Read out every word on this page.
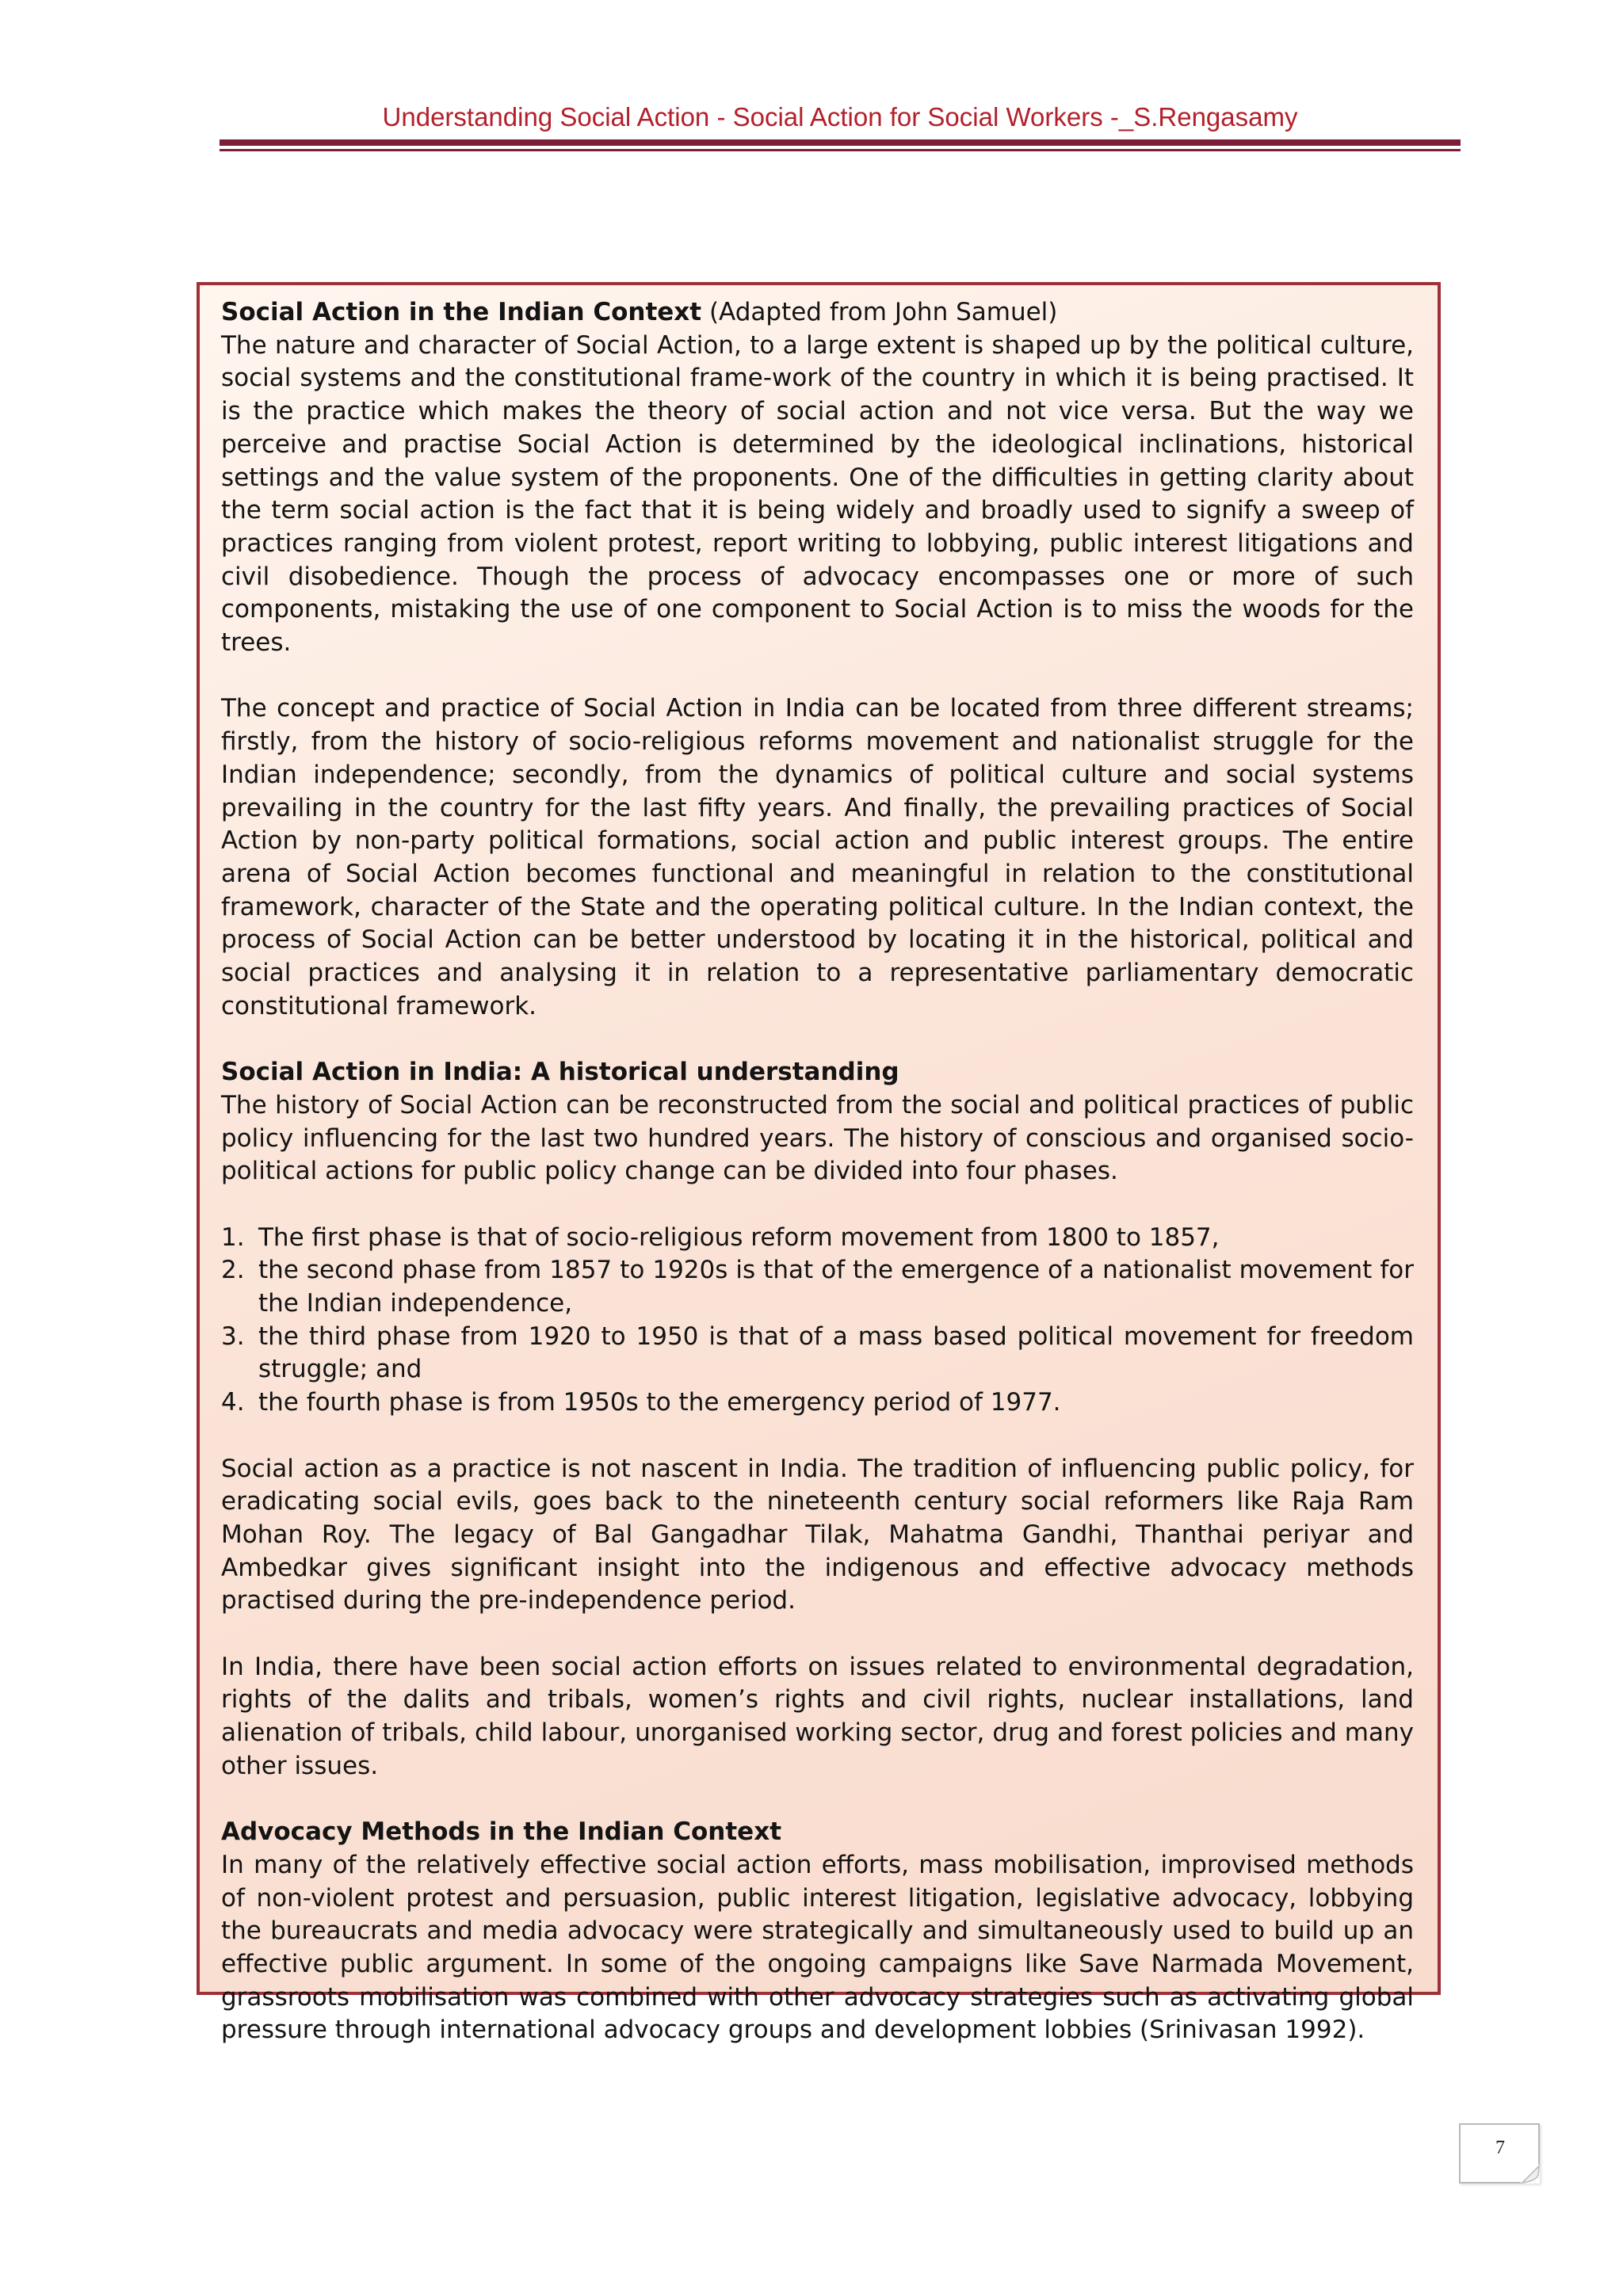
Understanding Social Action - Social Action for Social Workers -_S.Rengasamy

Social Action in the Indian Context (Adapted from John Samuel)

The nature and character of Social Action, to a large extent is shaped up by the political culture, social systems and the constitutional frame-work of the country in which it is being practised. It is the practice which makes the theory of social action and not vice versa. But the way we perceive and practise Social Action is determined by the ideological inclinations, historical settings and the value system of the proponents. One of the difficulties in getting clarity about the term social action is the fact that it is being widely and broadly used to signify a sweep of practices ranging from violent protest, report writing to lobbying, public interest litigations and civil disobedience. Though the process of advocacy encompasses one or more of such components, mistaking the use of one component to Social Action is to miss the woods for the trees.

The concept and practice of Social Action in India can be located from three different streams; firstly, from the history of socio-religious reforms movement and nationalist struggle for the Indian independence; secondly, from the dynamics of political culture and social systems prevailing in the country for the last fifty years. And finally, the prevailing practices of Social Action by non-party political formations, social action and public interest groups. The entire arena of Social Action becomes functional and meaningful in relation to the constitutional framework, character of the State and the operating political culture. In the Indian context, the process of Social Action can be better understood by locating it in the historical, political and social practices and analysing it in relation to a representative parliamentary democratic constitutional framework.

Social Action in India: A historical understanding

The history of Social Action can be reconstructed from the social and political practices of public policy influencing for the last two hundred years. The history of conscious and organised socio-political actions for public policy change can be divided into four phases.

1. The first phase is that of socio-religious reform movement from 1800 to 1857,
2. the second phase from 1857 to 1920s is that of the emergence of a nationalist movement for the Indian independence,
3. the third phase from 1920 to 1950 is that of a mass based political movement for freedom struggle; and
4. the fourth phase is from 1950s to the emergency period of 1977.

Social action as a practice is not nascent in India. The tradition of influencing public policy, for eradicating social evils, goes back to the nineteenth century social reformers like Raja Ram Mohan Roy. The legacy of Bal Gangadhar Tilak, Mahatma Gandhi, Thanthai periyar and Ambedkar gives significant insight into the indigenous and effective advocacy methods practised during the pre-independence period.

In India, there have been social action efforts on issues related to environmental degradation, rights of the dalits and tribals, women’s rights and civil rights, nuclear installations, land alienation of tribals, child labour, unorganised working sector, drug and forest policies and many other issues.

Advocacy Methods in the Indian Context

In many of the relatively effective social action efforts, mass mobilisation, improvised methods of non-violent protest and persuasion, public interest litigation, legislative advocacy, lobbying the bureaucrats and media advocacy were strategically and simultaneously used to build up an effective public argument. In some of the ongoing campaigns like Save Narmada Movement, grassroots mobilisation was combined with other advocacy strategies such as activating global pressure through international advocacy groups and development lobbies (Srinivasan 1992).

7
